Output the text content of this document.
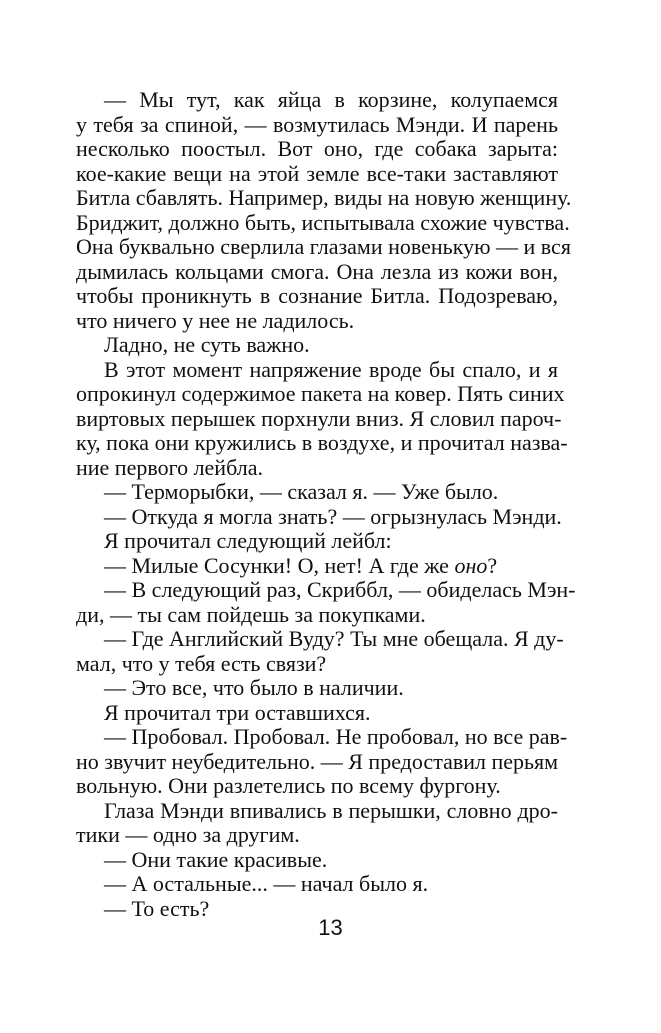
— Мы тут, как яйца в корзине, колупаемся
у тебя за спиной, — возмутилась Мэнди. И парень
несколько поостыл. Вот оно, где собака зарыта:
кое-какие вещи на этой земле все-таки заставляют
Битла сбавлять. Например, виды на новую женщину.
Бриджит, должно быть, испытывала схожие чувства.
Она буквально сверлила глазами новенькую — и вся
дымилась кольцами смога. Она лезла из кожи вон,
чтобы проникнуть в сознание Битла. Подозреваю,
что ничего у нее не ладилось.
Ладно, не суть важно.
В этот момент напряжение вроде бы спало, и я
опрокинул содержимое пакета на ковер. Пять синих
виртовых перышек порхнули вниз. Я словил пароч-
ку, пока они кружились в воздухе, и прочитал назва-
ние первого лейбла.
— Терморыбки, — сказал я. — Уже было.
— Откуда я могла знать? — огрызнулась Мэнди.
Я прочитал следующий лейбл:
— Милые Сосунки! О, нет! А где же оно?
— В следующий раз, Скриббл, — обиделась Мэн-
ди, — ты сам пойдешь за покупками.
— Где Английский Вуду? Ты мне обещала. Я ду-
мал, что у тебя есть связи?
— Это все, что было в наличии.
Я прочитал три оставшихся.
— Пробовал. Пробовал. Не пробовал, но все рав-
но звучит неубедительно. — Я предоставил перьям
вольную. Они разлетелись по всему фургону.
Глаза Мэнди впивались в перышки, словно дро-
тики — одно за другим.
— Они такие красивые.
— А остальные... — начал было я.
— То есть?
13
